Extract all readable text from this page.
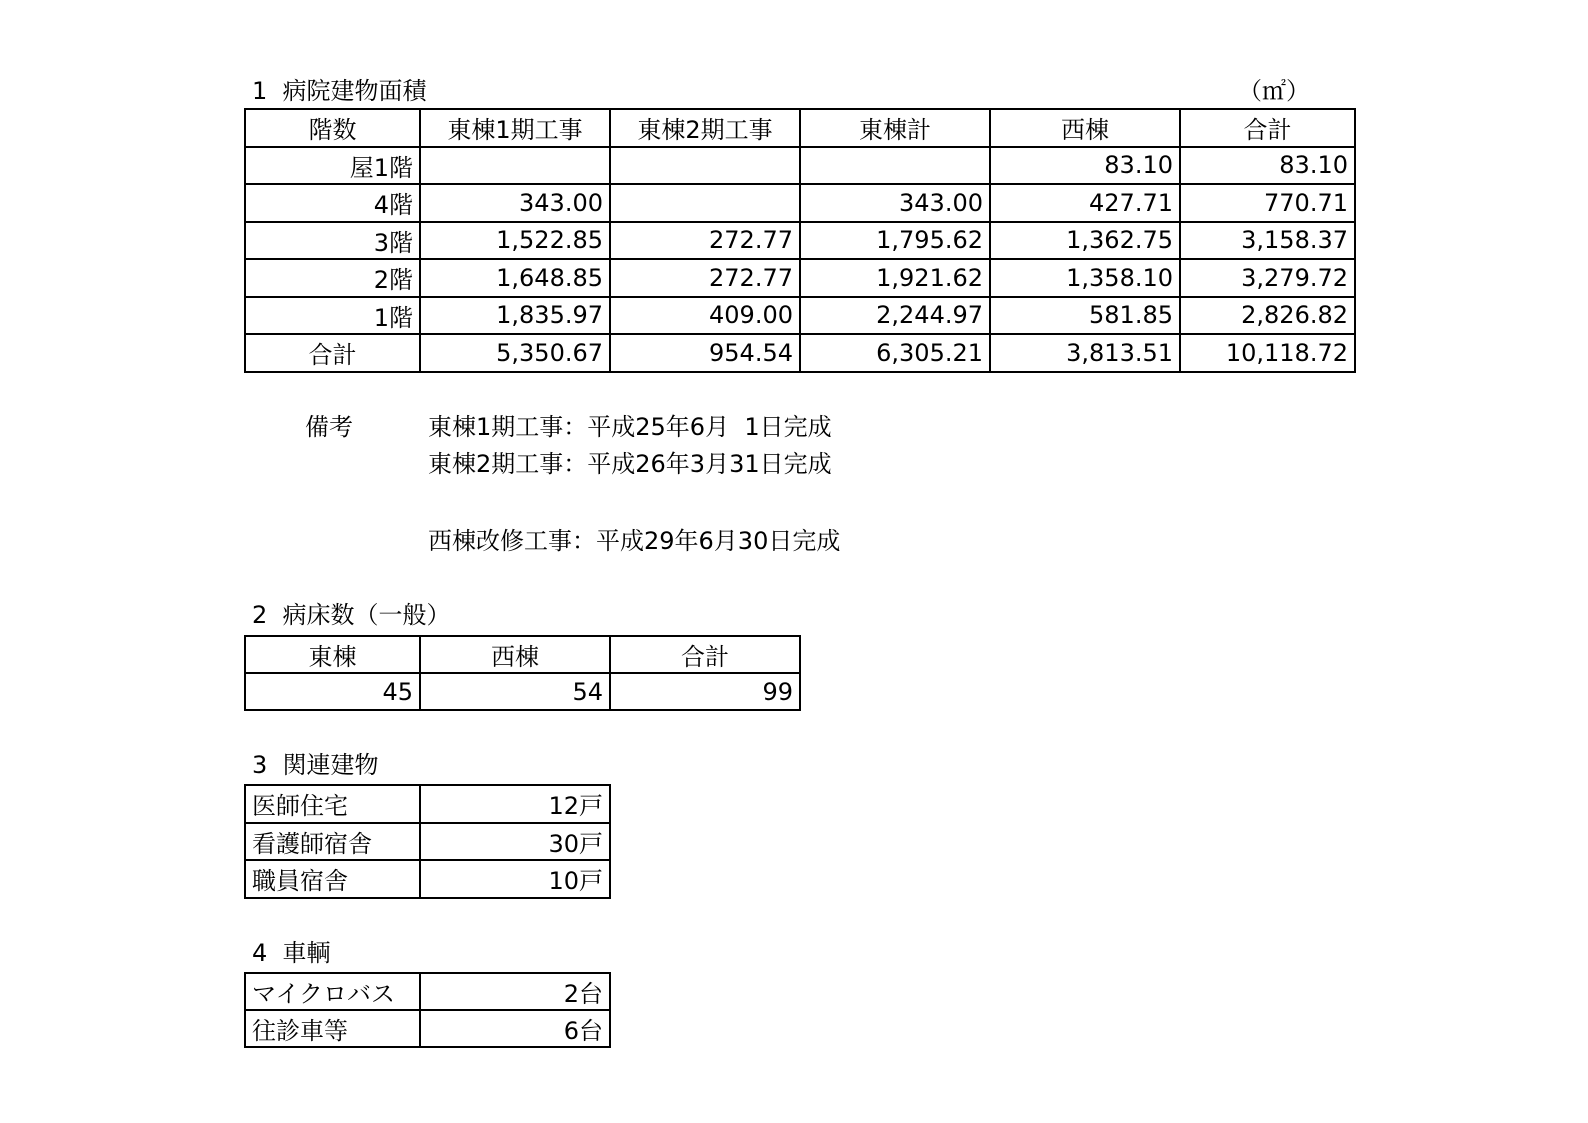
1  病院建物面積	（㎡）
階数	東棟1期工事	東棟2期工事	東棟計	西棟	合計
屋1階				83.10	83.10
4階	343.00		343.00	427.71	770.71
3階	1,522.85	272.77	1,795.62	1,362.75	3,158.37
2階	1,648.85	272.77	1,921.62	1,358.10	3,279.72
1階	1,835.97	409.00	2,244.97	581.85	2,826.82
合計	5,350.67	954.54	6,305.21	3,813.51	10,118.72
備考	東棟1期工事：平成25年6月  1日完成
東棟2期工事：平成26年3月31日完成
西棟改修工事：平成29年6月30日完成
2  病床数（一般）
東棟	西棟	合計
45	54	99
3  関連建物
医師住宅	12戸
看護師宿舎	30戸
職員宿舎	10戸
4  車輌
マイクロバス	2台
往診車等	6台
